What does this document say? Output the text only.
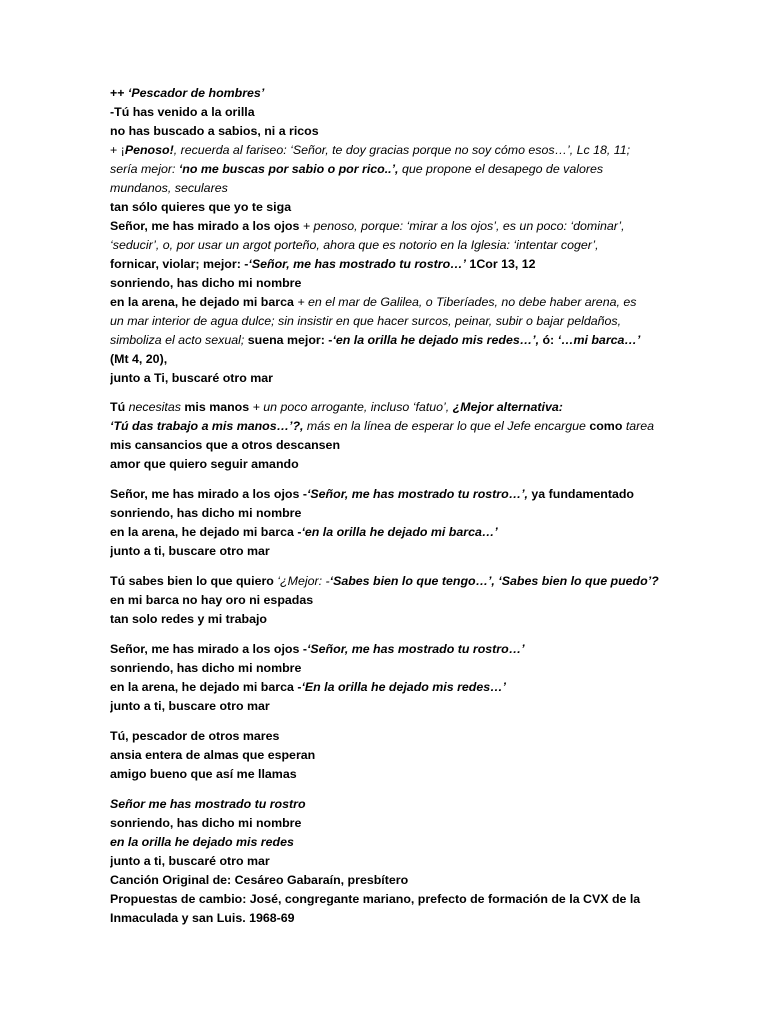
++ ‘Pescador de hombres’
-Tú has venido a la orilla
no has buscado a sabios, ni a ricos
+ ¡Penoso!, recuerda al fariseo: ‘Señor, te doy gracias porque no soy cómo esos…’, Lc 18, 11;
sería mejor: ‘no me buscas por sabio o por rico..’, que propone el desapego de valores
mundanos, seculares
tan sólo quieres que yo te siga
Señor, me has mirado a los ojos + penoso, porque: ‘mirar a los ojos’, es un poco: ‘dominar’,
‘seducir’, o, por usar un argot porteño, ahora que es notorio en la Iglesia: ‘intentar coger’,
fornicar, violar; mejor: -‘Señor, me has mostrado tu rostro…’ 1Cor 13, 12
sonriendo, has dicho mi nombre
en la arena, he dejado mi barca + en el mar de Galilea, o Tiberíades, no debe haber arena, es
un mar interior de agua dulce; sin insistir en que hacer surcos, peinar, subir o bajar peldaños,
simboliza el acto sexual; suena mejor: -‘en la orilla he dejado mis redes…’, ó: ‘…mi barca…’
(Mt 4, 20),
junto a Ti, buscaré otro mar
Tú necesitas mis manos + un poco arrogante, incluso ‘fatuo’, ¿Mejor alternativa:
‘Tú das trabajo a mis manos…’?, más en la línea de esperar lo que el Jefe encargue como tarea
mis cansancios que a otros descansen
amor que quiero seguir amando
Señor, me has mirado a los ojos -‘Señor, me has mostrado tu rostro…’, ya fundamentado
sonriendo, has dicho mi nombre
en la arena, he dejado mi barca -‘en la orilla he dejado mi barca…’
junto a ti, buscare otro mar
Tú sabes bien lo que quiero ‘¿Mejor: -‘Sabes bien lo que tengo…’, ‘Sabes bien lo que puedo’?
en mi barca no hay oro ni espadas
tan solo redes y mi trabajo
Señor, me has mirado a los ojos -‘Señor, me has mostrado tu rostro…’
sonriendo, has dicho mi nombre
en la arena, he dejado mi barca -‘En la orilla he dejado mis redes…’
junto a ti, buscare otro mar
Tú, pescador de otros mares
ansia entera de almas que esperan
amigo bueno que así me llamas
Señor me has mostrado tu rostro
sonriendo, has dicho mi nombre
en la orilla he dejado mis redes
junto a ti, buscaré otro mar
Canción Original de: Cesáreo Gabaraín, presbítero
Propuestas de cambio: José, congregante mariano, prefecto de formación de la CVX de la
Inmaculada y san Luis. 1968-69
